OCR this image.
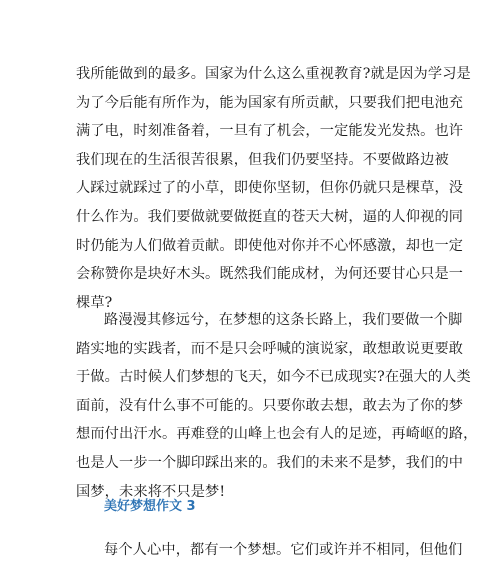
我所能做到的最多。国家为什么这么重视教育?就是因为学习是
为了今后能有所作为，能为国家有所贡献，只要我们把电池充
满了电，时刻准备着，一旦有了机会，一定能发光发热。也许
我们现在的生活很苦很累，但我们仍要坚持。不要做路边被
人踩过就踩过了的小草，即使你坚韧，但你仍就只是棵草，没
什么作为。我们要做就要做挺直的苍天大树，逼的人仰视的同
时仍能为人们做着贡献。即使他对你并不心怀感激，却也一定
会称赞你是块好木头。既然我们能成材，为何还要甘心只是一
棵草?
路漫漫其修远兮，在梦想的这条长路上，我们要做一个脚
踏实地的实践者，而不是只会呼喊的演说家，敢想敢说更要敢
于做。古时候人们梦想的飞天，如今不已成现实?在强大的人类
面前，没有什么事不可能的。只要你敢去想，敢去为了你的梦
想而付出汗水。再难登的山峰上也会有人的足迹，再崎岖的路，
也是人一步一个脚印踩出来的。我们的未来不是梦，我们的中
国梦，未来将不只是梦!
美好梦想作文 3
每个人心中，都有一个梦想。它们或许并不相同，但他们
